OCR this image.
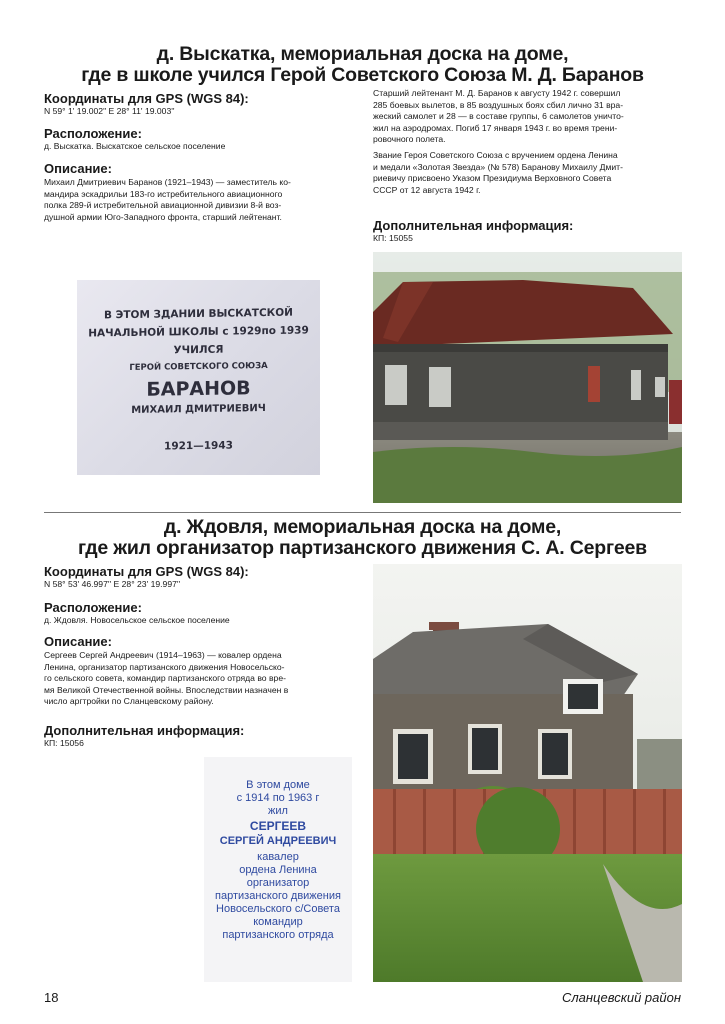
д. Выскатка, мемориальная доска на доме,
где в школе учился Герой Советского Союза М. Д. Баранов
Координаты для GPS (WGS 84):
N 59° 1' 19.002" E 28° 11' 19.003''
Расположение:
д. Выскатка. Выскатское сельское поселение
Описание:
Михаил Дмитриевич Баранов (1921–1943) — заместитель ко-
мандира эскадрильи 183-го истребительного авиационного
полка 289-й истребительной авиационной дивизии 8-й воз-
душной армии Юго-Западного фронта, старший лейтенант.
Старший лейтенант М. Д. Баранов к августу 1942 г. совершил
285 боевых вылетов, в 85 воздушных боях сбил лично 31 вра-
жеский самолет и 28 — в составе группы, 6 самолетов уничто-
жил на аэродромах. Погиб 17 января 1943 г. во время трени-
ровочного полета.
Звание Героя Советского Союза с вручением ордена Ленина
и медали «Золотая Звезда» (№ 578) Баранову Михаилу Дмит-
риевичу присвоено Указом Президиума Верховного Совета
СССР от 12 августа 1942 г.
Дополнительная информация:
КП: 15055
В ЭТОМ ЗДАНИИ ВЫСКАТСКОЙ
НАЧАЛЬНОЙ ШКОЛЫ с 1929по 1939
УЧИЛСЯ
ГЕРОЙ СОВЕТСКОГО СОЮЗА
БАРАНОВ
МИХАИЛ ДМИТРИЕВИЧ
1921—1943
д. Ждовля, мемориальная доска на доме,
где жил организатор партизанского движения С. А. Сергеев
Координаты для GPS (WGS 84):
N 58° 53' 46.997'' E 28° 23' 19.997''
Расположение:
д. Ждовля. Новосельское сельское поселение
Описание:
Сергеев Сергей Андреевич (1914–1963) — ковалер ордена
Ленина, организатор партизанского движения Новосельско-
го сельского совета, командир партизанского отряда во вре-
мя Великой Отечественной войны. Впоследствии назначен в
число аргтройки по Сланцевскому району.
Дополнительная информация:
КП: 15056
В этом доме
с 1914 по 1963 г
жил
СЕРГЕЕВ
СЕРГЕЙ АНДРЕЕВИЧ
кавалер
ордена Ленина
организатор
партизанского движения
Новосельского с/Совета
командир
партизанского отряда
18	Сланцевский район
